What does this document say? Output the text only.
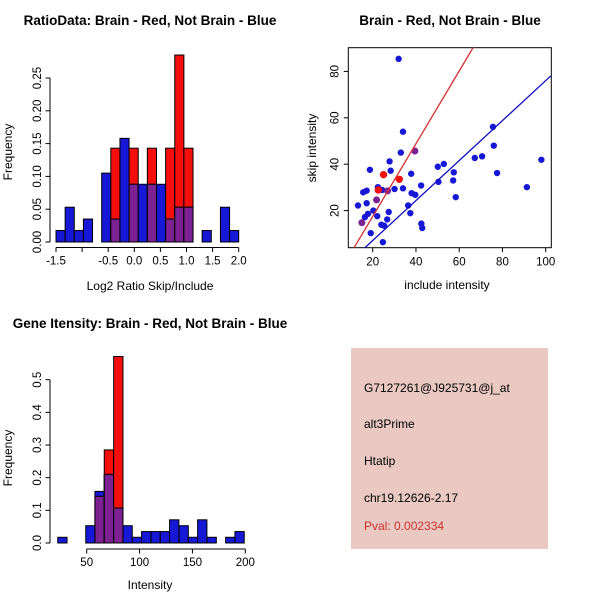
RatioData: Brain - Red, Not Brain - Blue	Brain - Red, Not Brain - Blue
Gene Itensity: Brain - Red, Not Brain - Blue
-1.5	-0.5 0.0 0.5 1.0 1.5 2.0
0.00
0.05
0.10
0.15
0.20
0.25
Log2 Ratio Skip/Include
Frequency
20	40	60	80 100
20
40
60
80
include intensity
skip intensity
50	100	150	200
0.0
0.1
0.2
0.3
0.4
0.5
Intensity
Frequency
G7127261@J925731@j_at
alt3Prime
Htatip
chr19.12626-2.17
Pval: 0.002334
